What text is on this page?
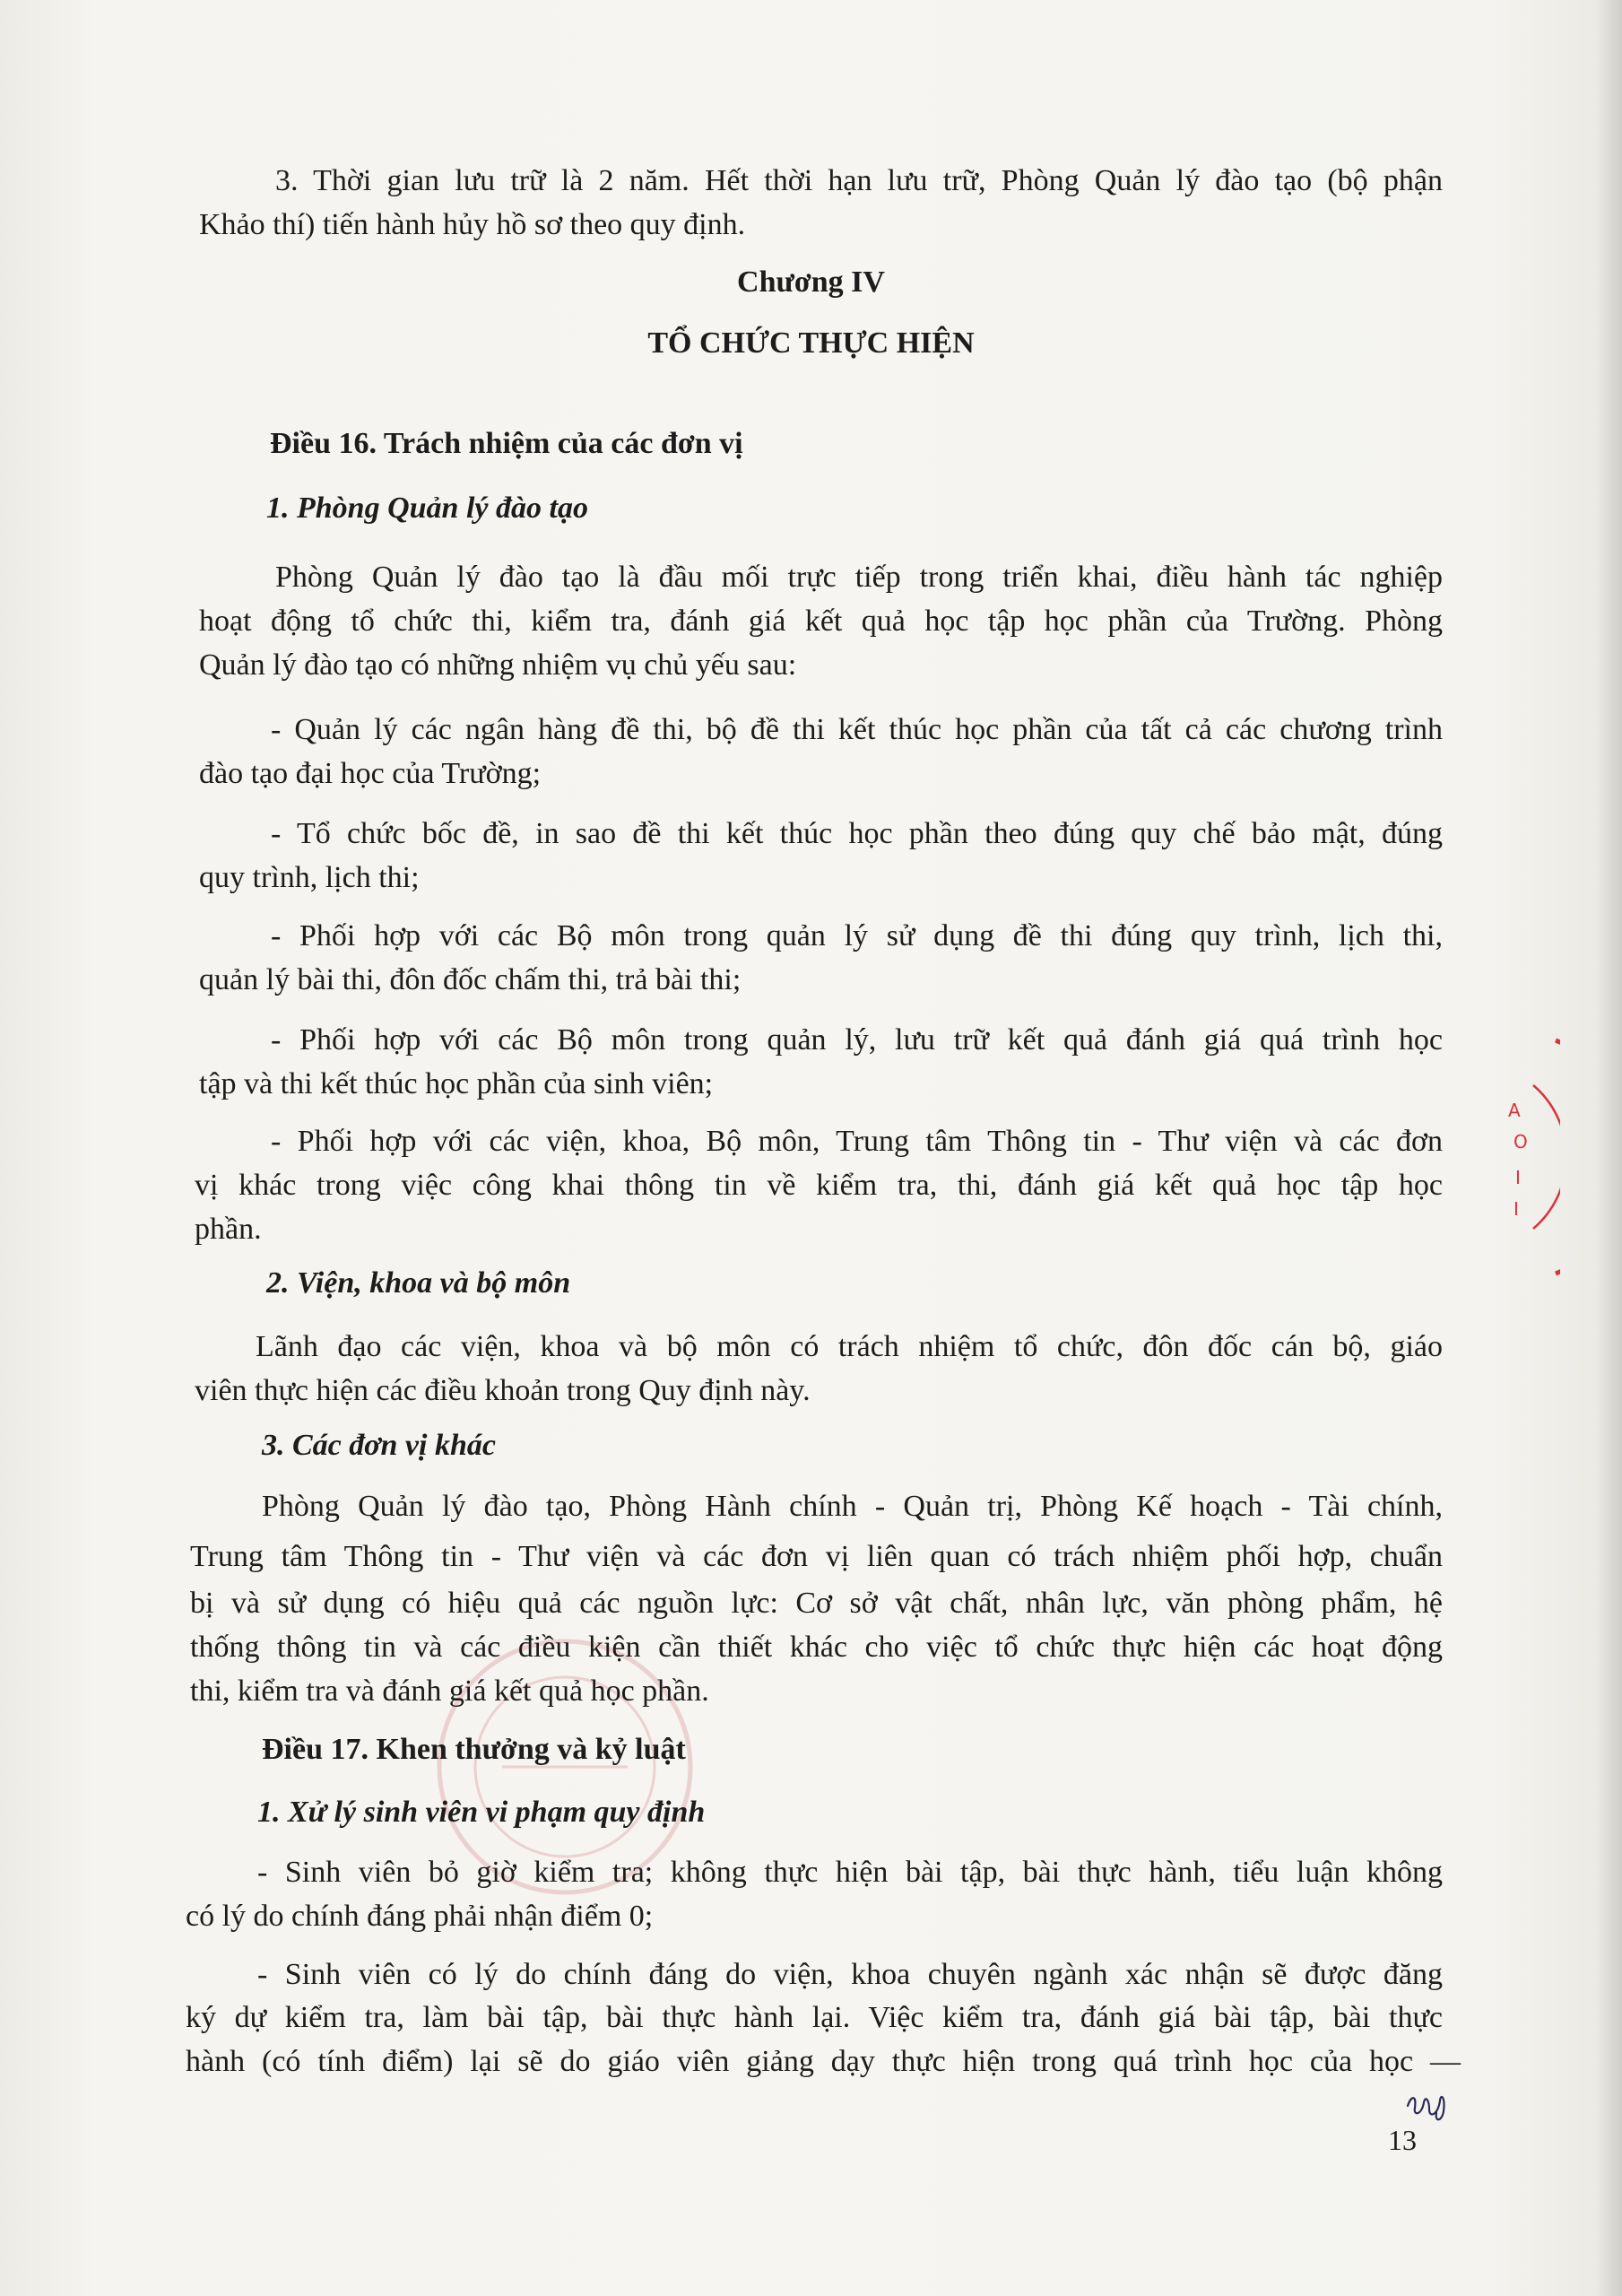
A
O
I
I
3. Thời gian lưu trữ là 2 năm. Hết thời hạn lưu trữ, Phòng Quản lý đào tạo (bộ phận
Khảo thí) tiến hành hủy hồ sơ theo quy định.
Chương IV
TỔ CHỨC THỰC HIỆN
Điều 16. Trách nhiệm của các đơn vị
1. Phòng Quản lý đào tạo
Phòng Quản lý đào tạo là đầu mối trực tiếp trong triển khai, điều hành tác nghiệp
hoạt động tổ chức thi, kiểm tra, đánh giá kết quả học tập học phần của Trường. Phòng
Quản lý đào tạo có những nhiệm vụ chủ yếu sau:
- Quản lý các ngân hàng đề thi, bộ đề thi kết thúc học phần của tất cả các chương trình
đào tạo đại học của Trường;
- Tổ chức bốc đề, in sao đề thi kết thúc học phần theo đúng quy chế bảo mật, đúng
quy trình, lịch thi;
- Phối hợp với các Bộ môn trong quản lý sử dụng đề thi đúng quy trình, lịch thi,
quản lý bài thi, đôn đốc chấm thi, trả bài thi;
- Phối hợp với các Bộ môn trong quản lý, lưu trữ kết quả đánh giá quá trình học
tập và thi kết thúc học phần của sinh viên;
- Phối hợp với các viện, khoa, Bộ môn, Trung tâm Thông tin - Thư viện và các đơn
vị khác trong việc công khai thông tin về kiểm tra, thi, đánh giá kết quả học tập học
phần.
2. Viện, khoa và bộ môn
Lãnh đạo các viện, khoa và bộ môn có trách nhiệm tổ chức, đôn đốc cán bộ, giáo
viên thực hiện các điều khoản trong Quy định này.
3. Các đơn vị khác
Phòng Quản lý đào tạo, Phòng Hành chính - Quản trị, Phòng Kế hoạch - Tài chính,
Trung tâm Thông tin - Thư viện và các đơn vị liên quan có trách nhiệm phối hợp, chuẩn
bị và sử dụng có hiệu quả các nguồn lực: Cơ sở vật chất, nhân lực, văn phòng phẩm, hệ
thống thông tin và các điều kiện cần thiết khác cho việc tổ chức thực hiện các hoạt động
thi, kiểm tra và đánh giá kết quả học phần.
Điều 17. Khen thưởng và kỷ luật
1. Xử lý sinh viên vi phạm quy định
- Sinh viên bỏ giờ kiểm tra; không thực hiện bài tập, bài thực hành, tiểu luận không
có lý do chính đáng phải nhận điểm 0;
- Sinh viên có lý do chính đáng do viện, khoa chuyên ngành xác nhận sẽ được đăng
ký dự kiểm tra, làm bài tập, bài thực hành lại. Việc kiểm tra, đánh giá bài tập, bài thực
hành (có tính điểm) lại sẽ do giáo viên giảng dạy thực hiện trong quá trình học của học —
13
